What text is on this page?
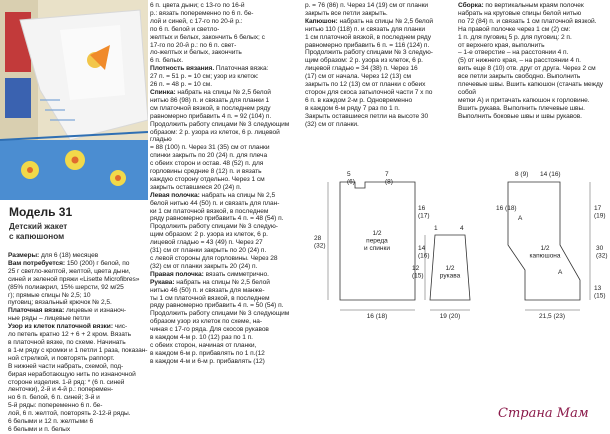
Модель 31
Детский жакет
с капюшоном
Размеры: для 6 (18) месяцев
Вам потребуется: 150 (200) г белой, по
25 г светло-желтой, желтой, цвета дыни,
синей и зеленой пряжи «Lisette Microfibres»
(85% полиакрил, 15% шерсти, 92 м/25
г); прямые спицы № 2,5; 10
пуговиц; вязальный крючок № 2,5.
Платочная вязка: лицевые и изнаноч-
ные ряды – лицевые петли
Узор из клеток платочной вязки: чис-
ло петель кратно 12 + 6 + 2 кром. Вязать
в платочной вязке, по схеме. Начинать
в 1-м ряду с кромки и 1 петли 1 раза, показан-
ной стрелкой, и повторять раппорт.
В нижней части набрать, схемой, под-
бирая неработающую нить по изнаночной
стороне изделия. 1-й ряд: * (6 п. синей
ленточки), 2-й и 4-й р.: поперемен-
но 6 п. белой, 6 п. синей; 3-й и
5-й ряды: попеременно 6 п. бе-
лой, 6 п. желтой, повторять 2-12-й ряды.
6 белыми и 12 п. желтыми 6
6 белыми и п. белых
6 п. цвета дыни; с 13-го по 16-й
р.: вязать попеременно по 6 п. бе-
лой и синей, с 17-го по 20-й р.:
по 6 п. белой и светло-
желтых и белых, закончить 6 белых; с
17-го по 20-й р.: по 6 п. свет-
ло-желтых и белых, закончить
6 п. белых.
Плотность вязания. Платочная вязка:
27 п. = 51 р. = 10 см; узор из клеток:
26 п. = 48 р. = 10 см.
Спинка: набрать на спицы № 2,5 белой
нитью 86 (98) п. и связать для планки 1
см платочной вязкой, в последнем ряду
равномерно прибавить 4 п. = 92 (104) п.
Продолжить работу спицами № 3 следующим
образом: 2 р. узора из клеток, 6 р. лицевой гладью
= 88 (100) п. Через 31 (35) см от планки
спинки закрыть по 20 (24) п. для плеча
с обеих сторон и остав. 48 (52) п. для
горловины средние 8 (12) п. и вязать
каждую сторону отдельно. Через 1 см
закрыть оставшиеся 20 (24) п.
Левая полочка: набрать на спицы № 2,5
белой нитью 44 (50) п. и связать для план-
ки 1 см платочной вязкой, в последнем
ряду равномерно прибавить 4 п. = 48 (54) п.
Продолжить работу спицами № 3 следую-
щим образом: 2 р. узора из клеток, 6 р.
лицевой гладью = 43 (49) п. Через 27
(31) см от планки закрыть по 20 (24) п.
с левой стороны для горловины. Через 28
(32) см от планки закрыть 20 (24) п.
Правая полочка: вязать симметрично.
Рукава: набрать на спицы № 2,5 белой
нитью 46 (50) п. и связать для манже-
ты 1 см платочной вязкой, в последнем
ряду равномерно прибавить 4 п. = 50 (54) п.
Продолжить работу спицами № 3 следующим
образом узор из клеток по схеме, на-
чиная с 17-го ряда. Для скосов рукавов
в каждом 4-м р. 10 (12) раз по 1 п.
с обеих сторон, начиная от планки,
в каждом 6-м р. прибавлять по 1 п.(12
в каждом 4-м и 6-м р. прибавлять (12)
р. = 76 (86) п. Через 14 (19) см от планки
закрыть все петли закрыть.
Капюшон: набрать на спицы № 2,5 белой
нитью 110 (118) п. и связать для планки
1 см платочной вязкой, в последнем ряду
равномерно прибавить 6 п. = 116 (124) п.
Продолжить работу спицами № 3 следую-
щим образом: 2 р. узора из клеток, 6 р.
лицевой гладью = 34 (38) п. Через 16
(17) см от начала. Через 12 (13) см
закрыть по 12 (13) см от планки с обеих
сторон для скоса затылочной части 7 х по
6 п. в каждом 2-м р. Одновременно
в каждом 6-м ряду 7 раз по 1 п.
Закрыть оставшиеся петли на высоте 30
(32) см от планки.
Сборка: по вертикальным краям полочек
набрать на круговые спицы белой нитью
по 72 (84) п. и связать 1 см платочной вязкой.
На правой полочке через 1 см (2) см:
1 п. для пуговиц 5 р. для пуговиц: 2 п.
от верхнего края, выполнить
– 1-е отверстие – на расстоянии 4 п.
(5) от нижнего края, – на расстоянии 4 п.
вить еще 8 (10) отв. друг от друга. Через 2 см
все петли закрыть свободно. Выполнить
плечевые швы. Вшить капюшон (стачать между собой
метки А) и притачать капюшон к горловине.
Вшить рукава. Выполнить плечевые швы.
Выполнить боковые швы и швы рукавов.
1/2 переда и спинки
1/2 рукава
1/2 капюшона
16 (18)	19 (20)	21,5 (23)
28 (32)
16 (17)
14 (16)
12 (15)
17 (19)
30 (32)
13 (15)
16 (18)
5 (6)
7 (8)
8 (9) 14 (16)
A
A
1	4
Страна Мам
